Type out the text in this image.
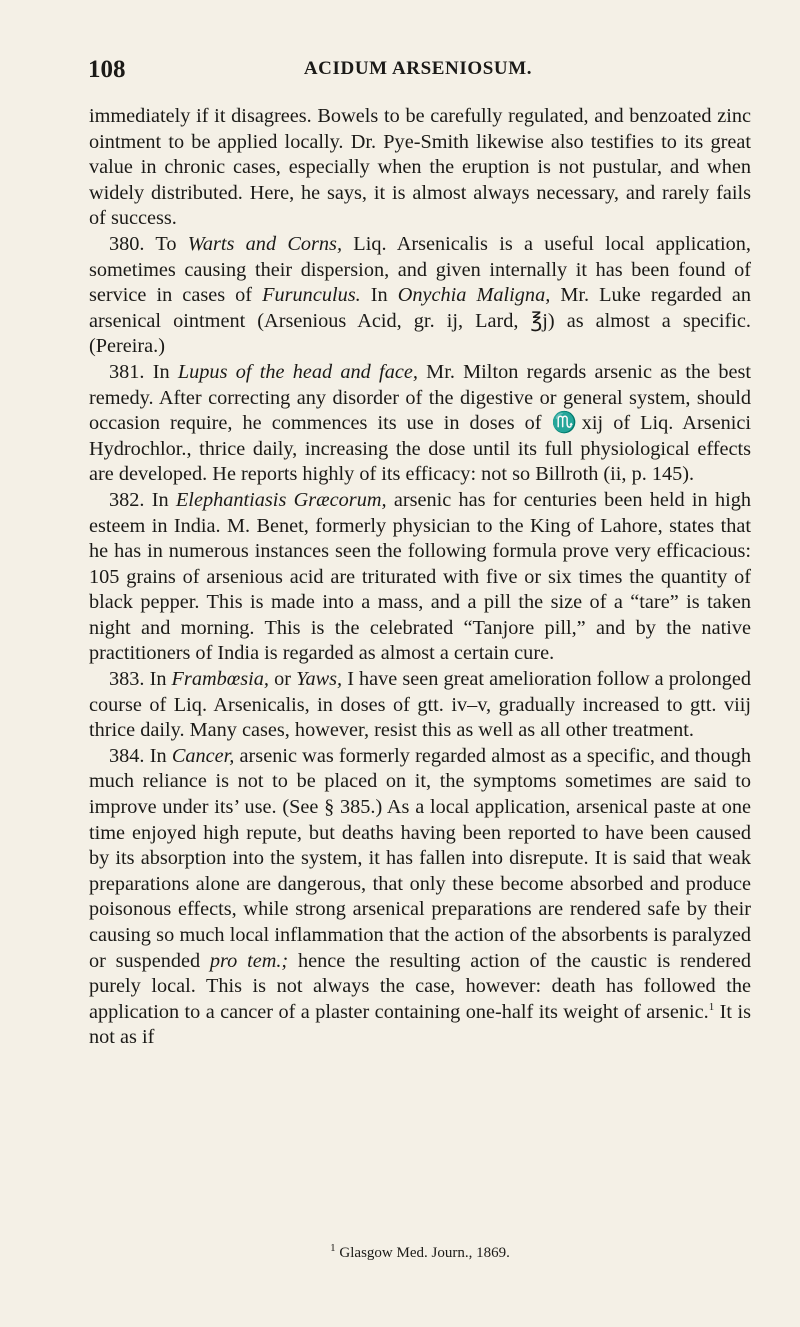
108	ACIDUM ARSENIOSUM.

immediately if it disagrees. Bowels to be carefully regulated, and benzoated zinc ointment to be applied locally. Dr. Pye-Smith likewise also testifies to its great value in chronic cases, especially when the eruption is not pustular, and when widely distributed. Here, he says, it is almost always necessary, and rarely fails of success.

380. To Warts and Corns, Liq. Arsenicalis is a useful local application, sometimes causing their dispersion, and given internally it has been found of service in cases of Furunculus. In Onychia Maligna, Mr. Luke regarded an arsenical ointment (Arsenious Acid, gr. ij, Lard, ℥j) as almost a specific. (Pereira.)

381. In Lupus of the head and face, Mr. Milton regards arsenic as the best remedy. After correcting any disorder of the digestive or general system, should occasion require, he commences its use in doses of ♏xij of Liq. Arsenici Hydrochlor., thrice daily, increasing the dose until its full physiological effects are developed. He reports highly of its efficacy: not so Billroth (ii, p. 145).

382. In Elephantiasis Græcorum, arsenic has for centuries been held in high esteem in India. M. Benet, formerly physician to the King of Lahore, states that he has in numerous instances seen the following formula prove very efficacious: 105 grains of arsenious acid are triturated with five or six times the quantity of black pepper. This is made into a mass, and a pill the size of a “tare” is taken night and morning. This is the celebrated “Tanjore pill,” and by the native practitioners of India is regarded as almost a certain cure.

383. In Frambœsia, or Yaws, I have seen great amelioration follow a prolonged course of Liq. Arsenicalis, in doses of gtt. iv–v, gradually increased to gtt. viij thrice daily. Many cases, however, resist this as well as all other treatment.

384. In Cancer, arsenic was formerly regarded almost as a specific, and though much reliance is not to be placed on it, the symptoms sometimes are said to improve under its’ use. (See § 385.) As a local application, arsenical paste at one time enjoyed high repute, but deaths having been reported to have been caused by its absorption into the system, it has fallen into disrepute. It is said that weak preparations alone are dangerous, that only these become absorbed and produce poisonous effects, while strong arsenical preparations are rendered safe by their causing so much local inflammation that the action of the absorbents is paralyzed or suspended pro tem.; hence the resulting action of the caustic is rendered purely local. This is not always the case, however: death has followed the application to a cancer of a plaster containing one-half its weight of arsenic.$^1$ It is not as if

$^1$ Glasgow Med. Journ., 1869.
